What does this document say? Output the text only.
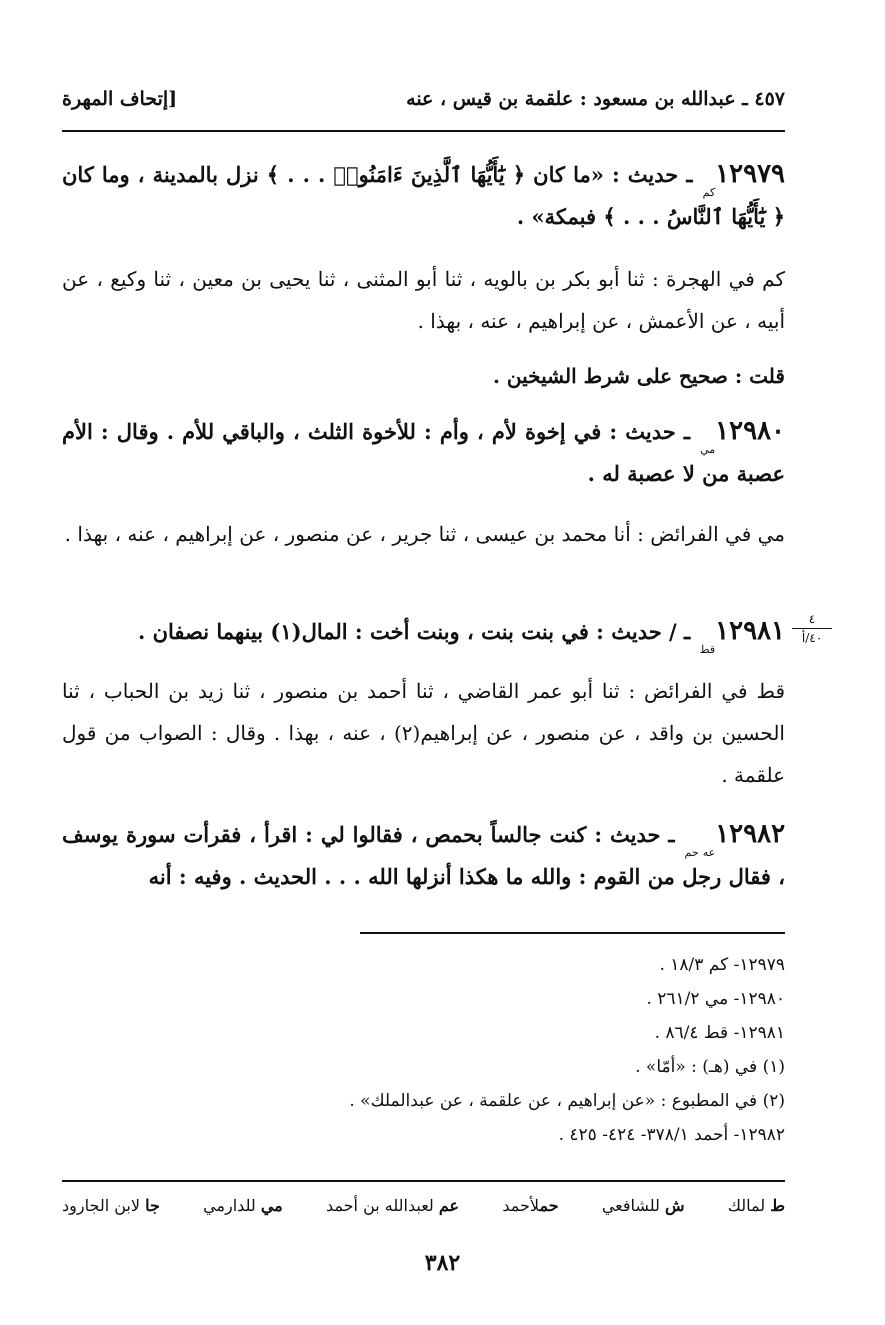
٤٥٧ ـ عبدالله بن مسعود : علقمة بن قيس ، عنه
[إتحاف المهرة
$١٢٩٧٩_{كم}$ ـ حديث : «ما كان ﴿ يَٰٓأَيُّهَا ٱلَّذِينَ ءَامَنُوا۟ . . . ﴾ نزل بالمدينة ، وما كان ﴿ يَٰٓأَيُّهَا ٱلنَّاسُ . . . ﴾ فبمكة» .
كم في الهجرة : ثنا أبو بكر بن بالويه ، ثنا أبو المثنى ، ثنا يحيى بن معين ، ثنا وكيع ، عن أبيه ، عن الأعمش ، عن إبراهيم ، عنه ، بهذا .
قلت : صحيح على شرط الشيخين .
$١٢٩٨٠_{مي}$ ـ حديث : في إخوة لأم ، وأم : للأخوة الثلث ، والباقي للأم . وقال : الأم عصبة من لا عصبة له .
مي في الفرائض : أنا محمد بن عيسى ، ثنا جرير ، عن منصور ، عن إبراهيم ، عنه ، بهذا .
$١٢٩٨١_{قط}$ ـ / حديث : في بنت بنت ، وبنت أخت : المال(١) بينهما نصفان .
قط في الفرائض : ثنا أبو عمر القاضي ، ثنا أحمد بن منصور ، ثنا زيد بن الحباب ، ثنا الحسين بن واقد ، عن منصور ، عن إبراهيم(٢) ، عنه ، بهذا . وقال : الصواب من قول علقمة .
٤
٤٠/أ
$١٢٩٨٢_{عه حم}$ ـ حديث : كنت جالساً بحمص ، فقالوا لي : اقرأ ، فقرأت سورة يوسف ، فقال رجل من القوم : والله ما هكذا أنزلها الله . . . الحديث . وفيه : أنه
١٢٩٧٩- كم ١٨/٣ .
١٢٩٨٠- مي ٢٦١/٢ .
١٢٩٨١- قط ٨٦/٤ .
(١) في (هـ) : «أمّا» .
(٢) في المطبوع : «عن إبراهيم ، عن علقمة ، عن عبدالملك» .
١٢٩٨٢- أحمد ٣٧٨/١- ٤٢٤- ٤٢٥ .
ط لمالك
ش للشافعي
حملأحمد
عم لعبدالله بن أحمد
مي للدارمي
جا لابن الجارود
٣٨٢
